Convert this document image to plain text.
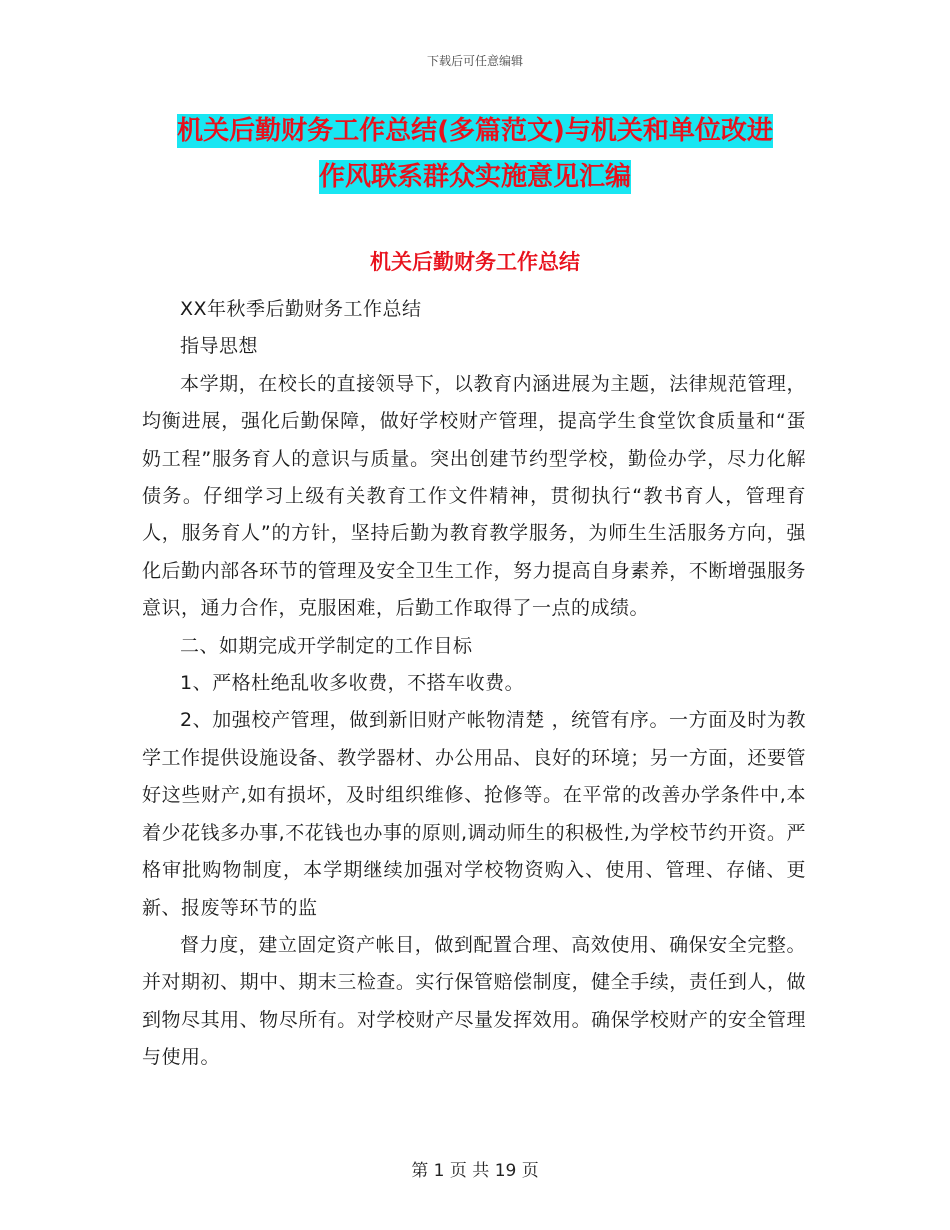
下载后可任意编辑
机关后勤财务工作总结(多篇范文)与机关和单位改进
作风联系群众实施意见汇编
机关后勤财务工作总结

XX年秋季后勤财务工作总结

指导思想

本学期，在校长的直接领导下，以教育内涵进展为主题，法律规范管理，均衡进展，强化后勤保障，做好学校财产管理，提高学生食堂饮食质量和“蛋奶工程”服务育人的意识与质量。突出创建节约型学校，勤俭办学，尽力化解债务。仔细学习上级有关教育工作文件精神，贯彻执行“教书育人，管理育人，服务育人”的方针，坚持后勤为教育教学服务，为师生生活服务方向，强化后勤内部各环节的管理及安全卫生工作，努力提高自身素养，不断增强服务意识，通力合作，克服困难，后勤工作取得了一点的成绩。

二、如期完成开学制定的工作目标

1、严格杜绝乱收多收费，不搭车收费。

2、加强校产管理，做到新旧财产帐物清楚 ，统管有序。一方面及时为教学工作提供设施设备、教学器材、办公用品、良好的环境；另一方面，还要管好这些财产,如有损坏，及时组织维修、抢修等。在平常的改善办学条件中,本着少花钱多办事,不花钱也办事的原则,调动师生的积极性,为学校节约开资。严格审批购物制度，本学期继续加强对学校物资购入、使用、管理、存储、更新、报废等环节的监

督力度，建立固定资产帐目，做到配置合理、高效使用、确保安全完整。并对期初、期中、期末三检查。实行保管赔偿制度，健全手续，责任到人，做到物尽其用、物尽所有。对学校财产尽量发挥效用。确保学校财产的安全管理与使用。

第 1 页 共 19 页
